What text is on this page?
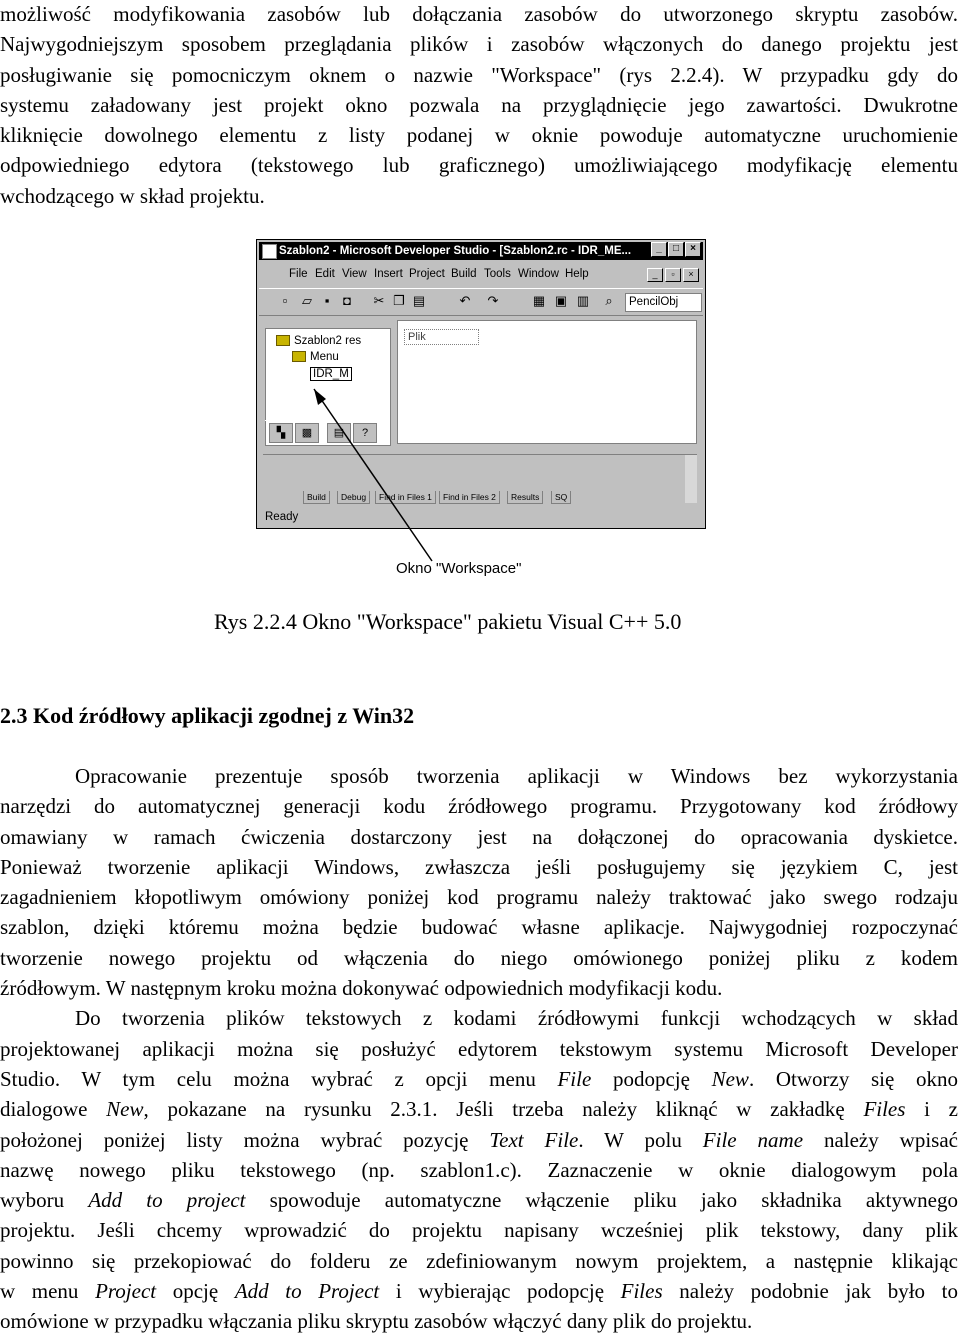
możliwość modyfikowania zasobów lub dołączania zasobów do utworzonego skryptu zasobów.
Najwygodniejszym sposobem przeglądania plików i zasobów włączonych do danego projektu jest
posługiwanie się pomocniczym oknem o nazwie "Workspace" (rys 2.2.4). W przypadku gdy do
systemu załadowany jest projekt okno pozwala na przyglądnięcie jego zawartości. Dwukrotne
kliknięcie dowolnego elementu z listy podanej w oknie powoduje automatyczne uruchomienie
odpowiedniego edytora (tekstowego lub graficznego) umożliwiającego modyfikację elementu
wchodzącego w skład projektu.
Szablon2 - Microsoft Developer Studio - [Szablon2.rc - IDR_ME...	_	□	×
File Edit View Insert Project Build Tools Window Help	_	▫	×
▫	▱ ▪	◘	✂ ❐ ▤	↶ ↷	▦ ▣ ▥	⌕	PencilObj
Szablon2 res
Menu
IDR_M
▚	▩	▤	?
Plik
Build	Debug	Find in Files 1	Find in Files 2	Results	SQ
Ready
Okno "Workspace"

Rys 2.2.4 Okno "Workspace" pakietu Visual C++ 5.0

2.3 Kod źródłowy aplikacji zgodnej z Win32
Opracowanie prezentuje sposób tworzenia aplikacji w Windows bez wykorzystania
narzędzi do automatycznej generacji kodu źródłowego programu. Przygotowany kod źródłowy
omawiany w ramach ćwiczenia dostarczony jest na dołączonej do opracowania dyskietce.
Ponieważ tworzenie aplikacji Windows, zwłaszcza jeśli posługujemy się językiem C, jest
zagadnieniem kłopotliwym omówiony poniżej kod programu należy traktować jako swego rodzaju
szablon, dzięki któremu można będzie budować własne aplikacje. Najwygodniej rozpoczynać
tworzenie nowego projektu od włączenia do niego omówionego poniżej pliku z kodem
źródłowym. W następnym kroku można dokonywać odpowiednich modyfikacji kodu.
Do tworzenia plików tekstowych z kodami źródłowymi funkcji wchodzących w skład
projektowanej aplikacji można się posłużyć edytorem tekstowym systemu Microsoft Developer
Studio. W tym celu można wybrać z opcji menu File podopcję New. Otworzy się okno
dialogowe New, pokazane na rysunku 2.3.1. Jeśli trzeba należy kliknąć w zakładkę Files i z
położonej poniżej listy można wybrać pozycję Text File. W polu File name należy wpisać
nazwę nowego pliku tekstowego (np. szablon1.c). Zaznaczenie w oknie dialogowym pola
wyboru Add to project spowoduje automatyczne włączenie pliku jako składnika aktywnego
projektu. Jeśli chcemy wprowadzić do projektu napisany wcześniej plik tekstowy, dany plik
powinno się przekopiować do folderu ze zdefiniowanym nowym projektem, a następnie klikając
w menu Project opcję Add to Project i wybierając podopcję Files należy podobnie jak było to
omówione w przypadku włączania pliku skryptu zasobów włączyć dany plik do projektu.
